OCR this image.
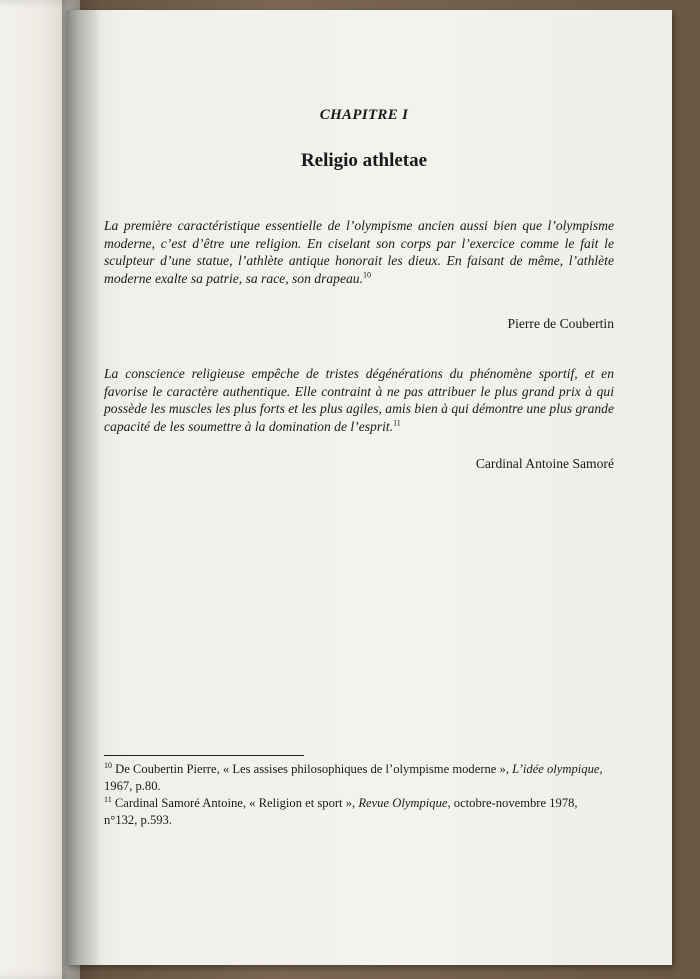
CHAPITRE I
Religio athletae
La première caractéristique essentielle de l’olympisme ancien aussi bien que l’olympisme moderne, c’est d’être une religion. En ciselant son corps par l’exercice comme le fait le sculpteur d’une statue, l’athlète antique honorait les dieux. En faisant de même, l’athlète moderne exalte sa patrie, sa race, son drapeau.$^{10}$
Pierre de Coubertin
La conscience religieuse empêche de tristes dégénérations du phénomène sportif, et en favorise le caractère authentique. Elle contraint à ne pas attribuer le plus grand prix à qui possède les muscles les plus forts et les plus agiles, amis bien à qui démontre une plus grande capacité de les soumettre à la domination de l’esprit.$^{11}$
Cardinal Antoine Samoré
$^{10}$ De Coubertin Pierre, « Les assises philosophiques de l’olympisme moderne », L’idée olympique, 1967, p.80.
$^{11}$ Cardinal Samoré Antoine, « Religion et sport », Revue Olympique, octobre-novembre 1978, n°132, p.593.
